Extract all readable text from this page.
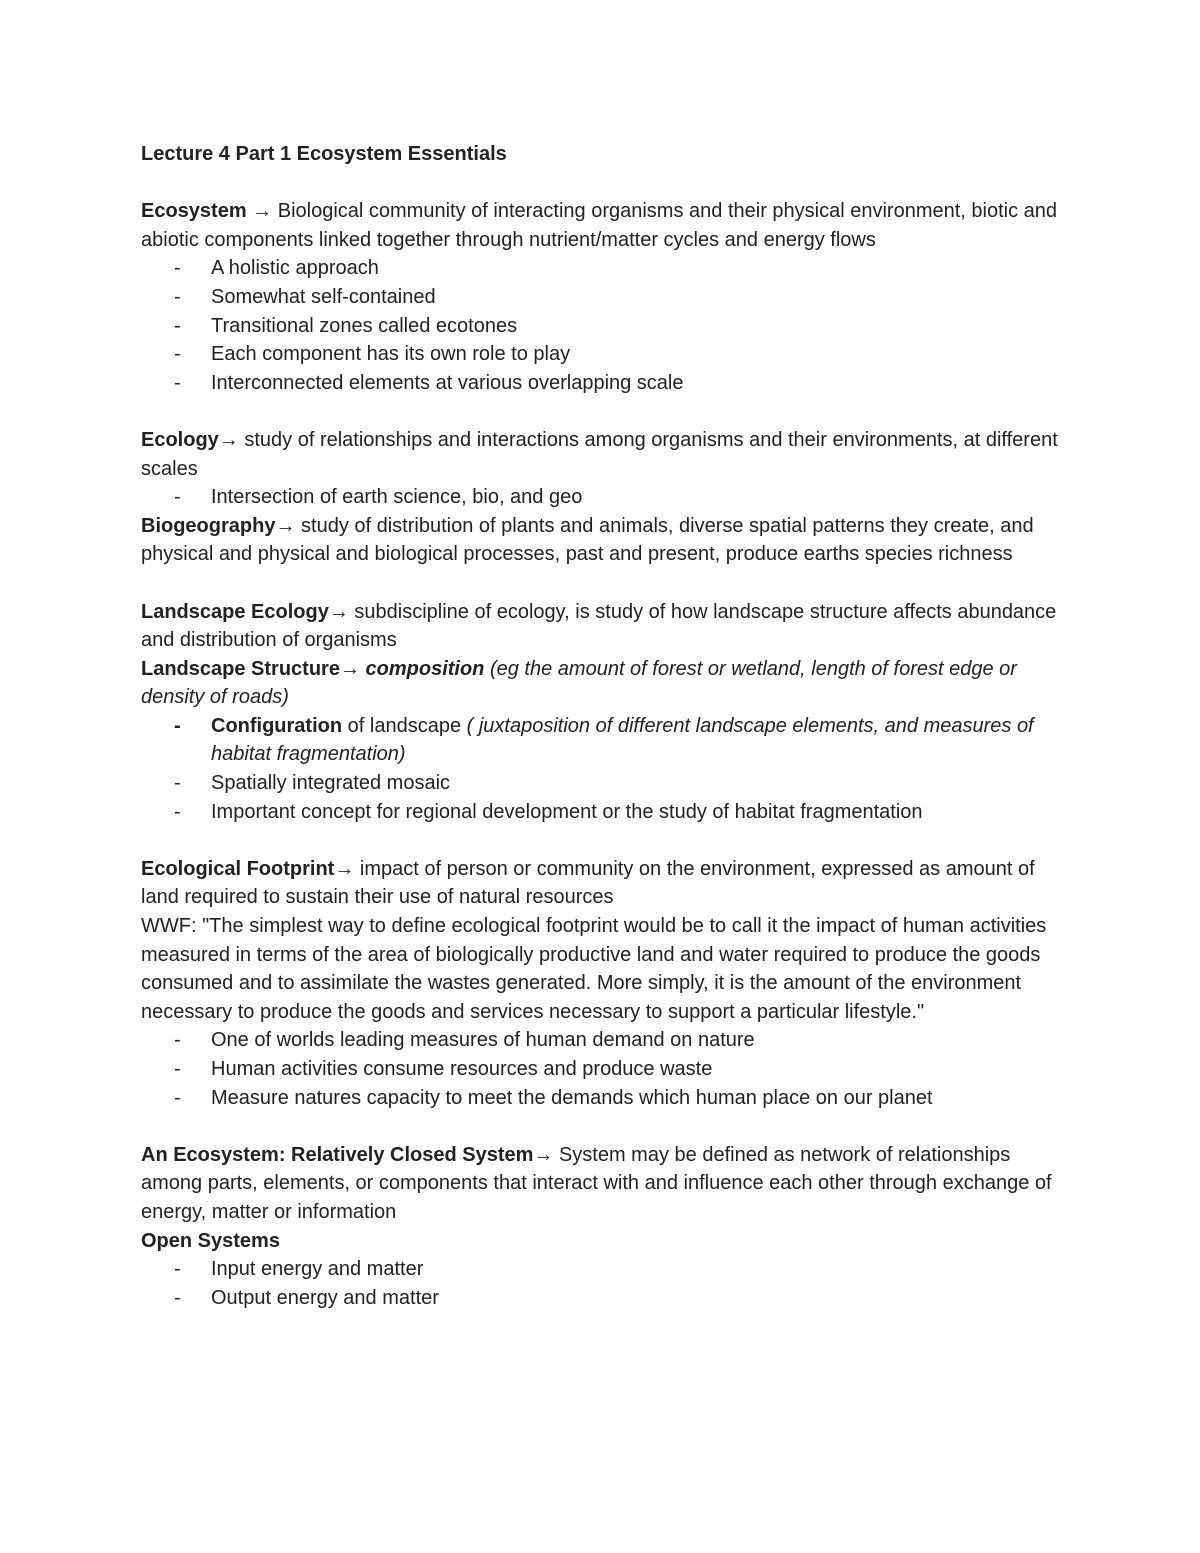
Lecture 4 Part 1 Ecosystem Essentials

Ecosystem → Biological community of interacting organisms and their physical environment, biotic and abiotic components linked together through nutrient/matter cycles and energy flows

- A holistic approach
- Somewhat self-contained
- Transitional zones called ecotones
- Each component has its own role to play
- Interconnected elements at various overlapping scale

Ecology→ study of relationships and interactions among organisms and their environments, at different scales

- Intersection of earth science, bio, and geo

Biogeography→ study of distribution of plants and animals, diverse spatial patterns they create, and physical and physical and biological processes, past and present, produce earths species richness

Landscape Ecology→ subdiscipline of ecology, is study of how landscape structure affects abundance and distribution of organisms

Landscape Structure→ composition (eg the amount of forest or wetland, length of forest edge or density of roads)

- Configuration of landscape ( juxtaposition of different landscape elements, and measures of habitat fragmentation)
- Spatially integrated mosaic
- Important concept for regional development or the study of habitat fragmentation

Ecological Footprint→ impact of person or community on the environment, expressed as amount of land required to sustain their use of natural resources

WWF: "The simplest way to define ecological footprint would be to call it the impact of human activities measured in terms of the area of biologically productive land and water required to produce the goods consumed and to assimilate the wastes generated. More simply, it is the amount of the environment necessary to produce the goods and services necessary to support a particular lifestyle."

- One of worlds leading measures of human demand on nature
- Human activities consume resources and produce waste
- Measure natures capacity to meet the demands which human place on our planet

An Ecosystem: Relatively Closed System→ System may be defined as network of relationships among parts, elements, or components that interact with and influence each other through exchange of energy, matter or information

Open Systems

- Input energy and matter
- Output energy and matter
